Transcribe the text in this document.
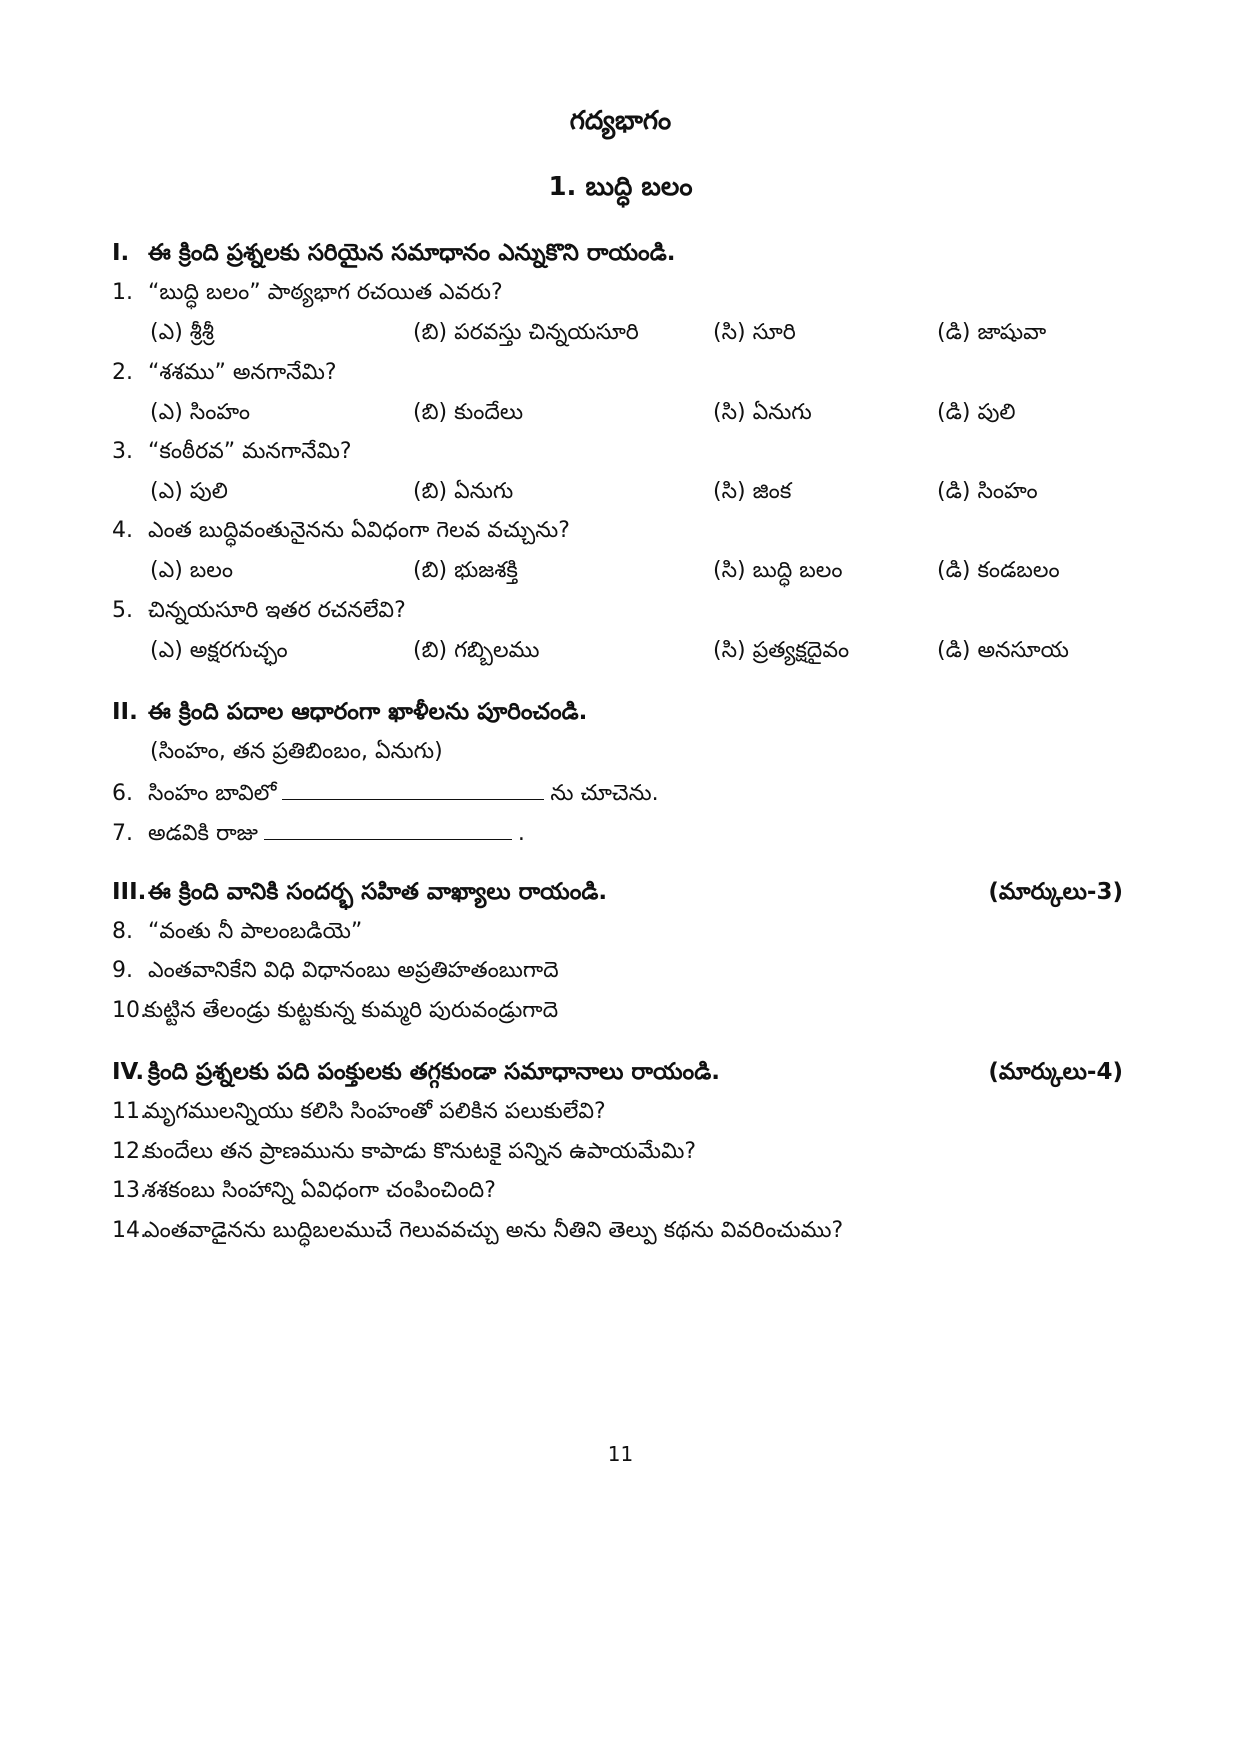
గద్యభాగం
1. బుద్ధి బలం
I. ఈ క్రింది ప్రశ్నలకు సరియైన సమాధానం ఎన్నుకొని రాయండి.
1. “బుద్ధి బలం” పాఠ్యభాగ రచయిత ఎవరు?
(ఎ) శ్రీశ్రీ	(బి) పరవస్తు చిన్నయసూరి	(సి) సూరి	(డి) జాషువా
2. “శశము” అనగానేమి?
(ఎ) సింహం	(బి) కుందేలు	(సి) ఏనుగు	(డి) పులి
3. “కంఠీరవ” మనగానేమి?
(ఎ) పులి	(బి) ఏనుగు	(సి) జింక	(డి) సింహం
4. ఎంత బుద్ధివంతునైనను ఏవిధంగా గెలవ వచ్చును?
(ఎ) బలం	(బి) భుజశక్తి	(సి) బుద్ధి బలం	(డి) కండబలం
5. చిన్నయసూరి ఇతర రచనలేవి?
(ఎ) అక్షరగుచ్ఛం	(బి) గబ్బిలము	(సి) ప్రత్యక్షదైవం	(డి) అనసూయ
II. ఈ క్రింది పదాల ఆధారంగా ఖాళీలను పూరించండి.
(సింహం, తన ప్రతిబింబం, ఏనుగు)
6. సింహం బావిలో	ను చూచెను.
7. అడవికి రాజు	.
III.ఈ క్రింది వానికి సందర్భ సహిత వాఖ్యాలు రాయండి.	(మార్కులు-3)
8. “వంతు నీ పాలంబడియె”
9. ఎంతవానికేని విధి విధానంబు అప్రతిహతంబుగాదె
10.కుట్టిన తేలండ్రు కుట్టకున్న కుమ్మరి పురువండ్రుగాదె
IV. క్రింది ప్రశ్నలకు పది పంక్తులకు తగ్గకుండా సమాధానాలు రాయండి.	(మార్కులు-4)
11.మృగములన్నియు కలిసి సింహంతో పలికిన పలుకులేవి?
12.కుందేలు తన ప్రాణమును కాపాడు కొనుటకై పన్నిన ఉపాయమేమి?
13.శశకంబు సింహాన్ని ఏవిధంగా చంపించింది?
14.ఎంతవాడైనను బుద్ధిబలముచే గెలువవచ్చు అను నీతిని తెల్పు కథను వివరించుము?
11
